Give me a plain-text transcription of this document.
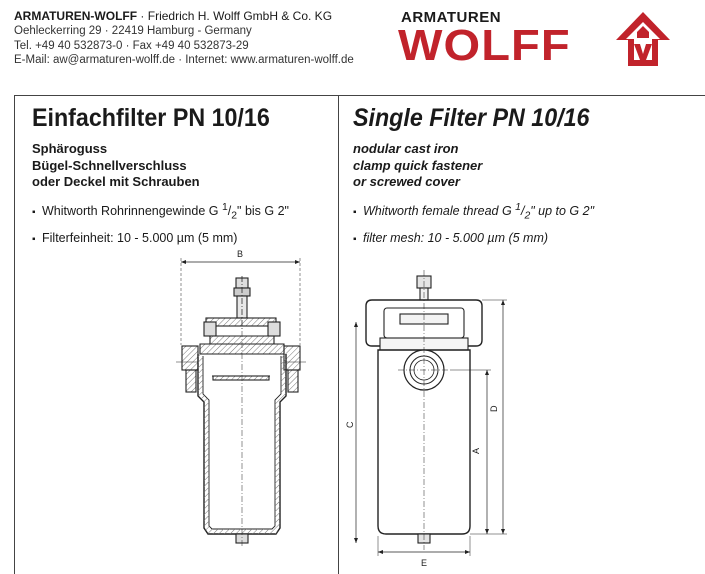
ARMATUREN-WOLFF · Friedrich H. Wolff GmbH & Co. KG
Oehleckerring 29 · 22419 Hamburg - Germany
Tel. +49 40 532873-0 · Fax +49 40 532873-29
E-Mail: aw@armaturen-wolff.de · Internet: www.armaturen-wolff.de
ARMATUREN
WOLFF
Einfachfilter PN 10/16
Sphäroguss
Bügel-Schnellverschluss
oder Deckel mit Schrauben
▪ Whitworth Rohrinnengewinde G $^1/_2$" bis G 2"
▪ Filterfeinheit: 10 - 5.000 µm (5 mm)
Single Filter PN 10/16
nodular cast iron
clamp quick fastener
or screwed cover
▪ Whitworth female thread G $^1/_2$" up to G 2"
▪ filter mesh: 10 - 5.000 µm (5 mm)
B
C
A
D
E
